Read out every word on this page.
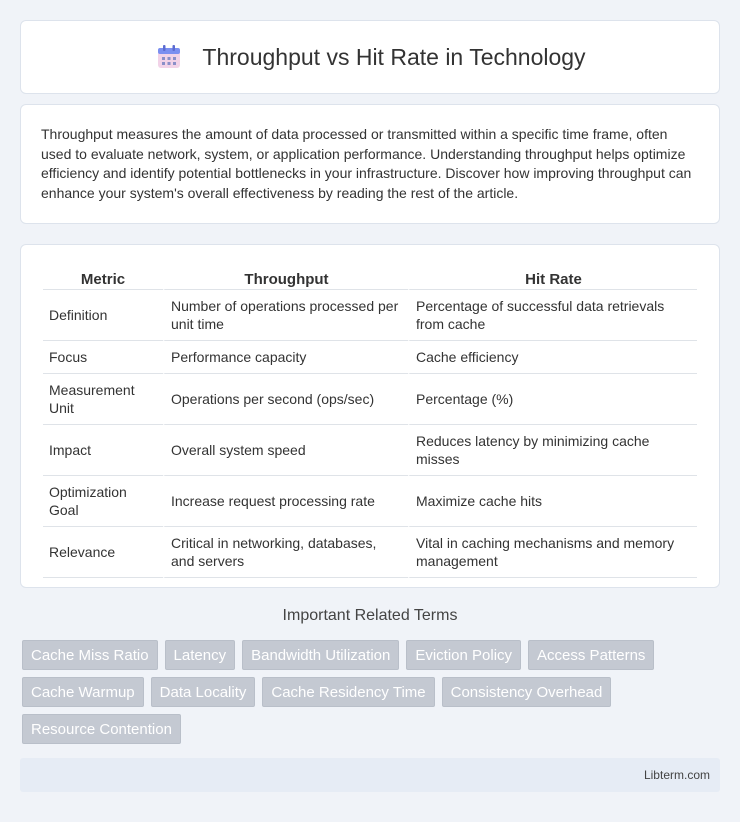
Throughput vs Hit Rate in Technology

Throughput measures the amount of data processed or transmitted within a specific time frame, often used to evaluate network, system, or application performance. Understanding throughput helps optimize efficiency and identify potential bottlenecks in your infrastructure. Discover how improving throughput can enhance your system's overall effectiveness by reading the rest of the article.

Metric	Throughput	Hit Rate
Definition	Number of operations processed per unit time	Percentage of successful data retrievals from cache
Focus	Performance capacity	Cache efficiency
Measurement Unit	Operations per second (ops/sec)	Percentage (%)
Impact	Overall system speed	Reduces latency by minimizing cache misses
Optimization Goal	Increase request processing rate	Maximize cache hits
Relevance	Critical in networking, databases, and servers	Vital in caching mechanisms and memory management
Important Related Terms
Cache Miss Ratio	Latency	Bandwidth Utilization	Eviction Policy	Access Patterns
Cache Warmup	Data Locality	Cache Residency Time	Consistency Overhead
Resource Contention
Libterm.com
